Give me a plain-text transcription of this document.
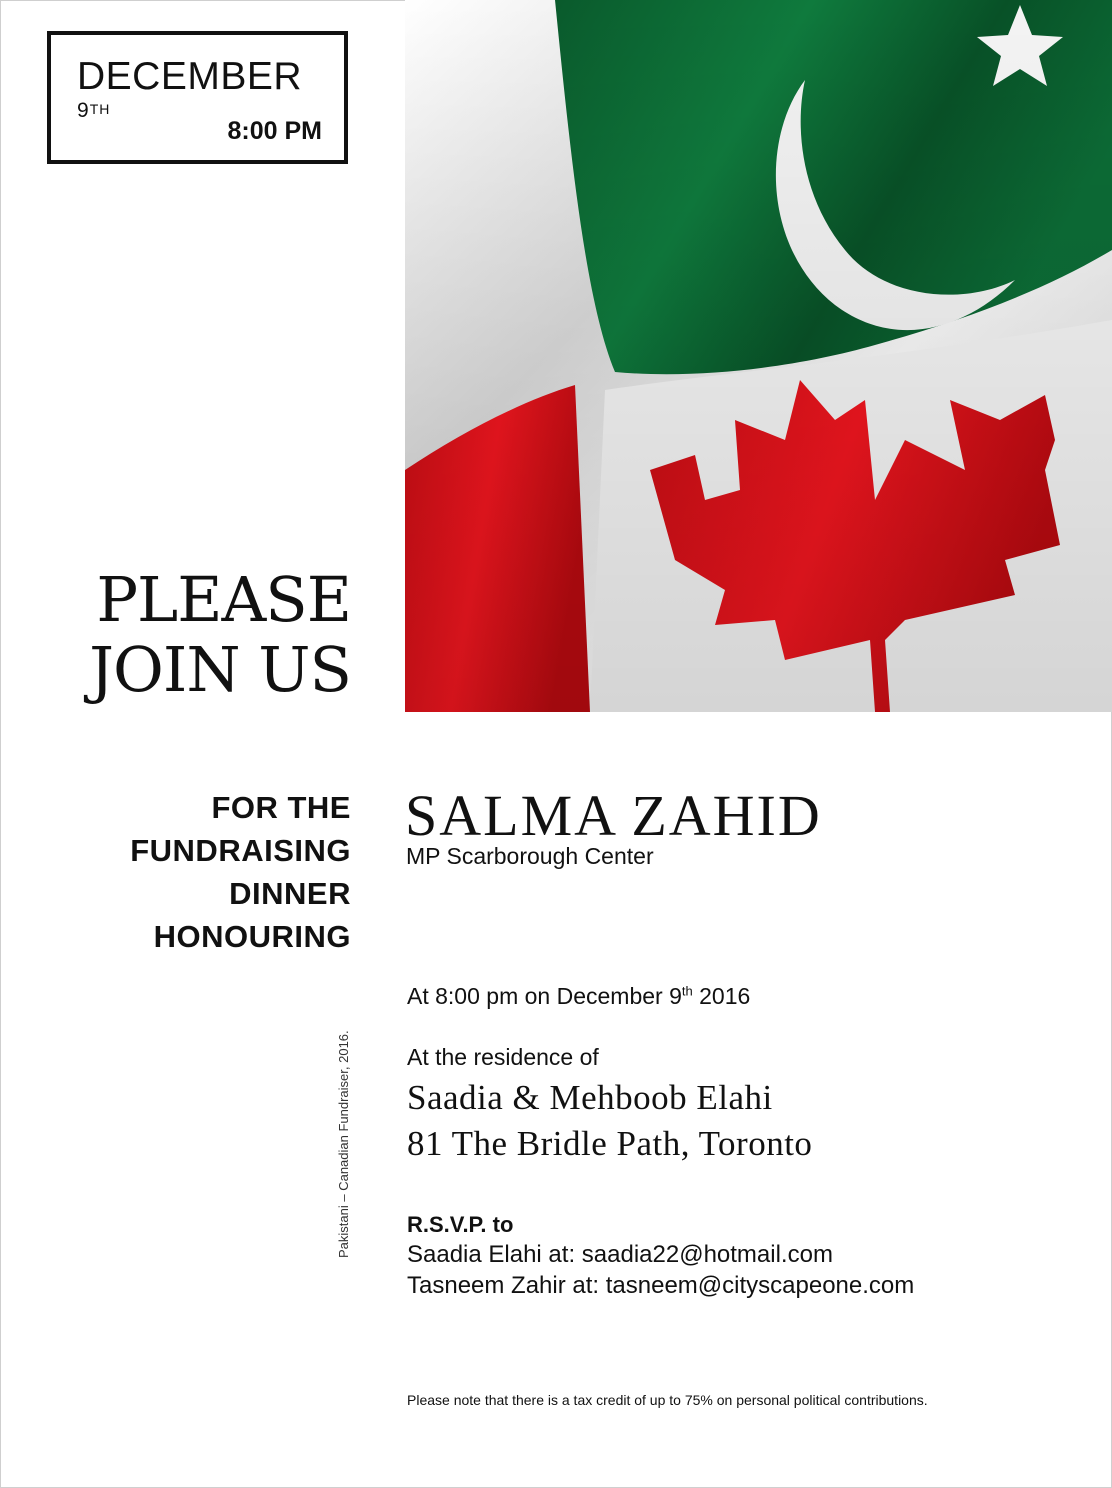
DECEMBER
9TH
8:00 PM
PLEASE
JOIN US
FOR THE
FUNDRAISING
DINNER
HONOURING
SALMA ZAHID
MP Scarborough Center
At 8:00 pm on December 9th 2016
At the residence of
Saadia & Mehboob Elahi
81 The Bridle Path, Toronto
R.S.V.P. to
Saadia Elahi at: saadia22@hotmail.com
Tasneem Zahir at: tasneem@cityscapeone.com
Please note that there is a tax credit of up to 75% on personal political contributions.
Pakistani – Canadian Fundraiser, 2016.
